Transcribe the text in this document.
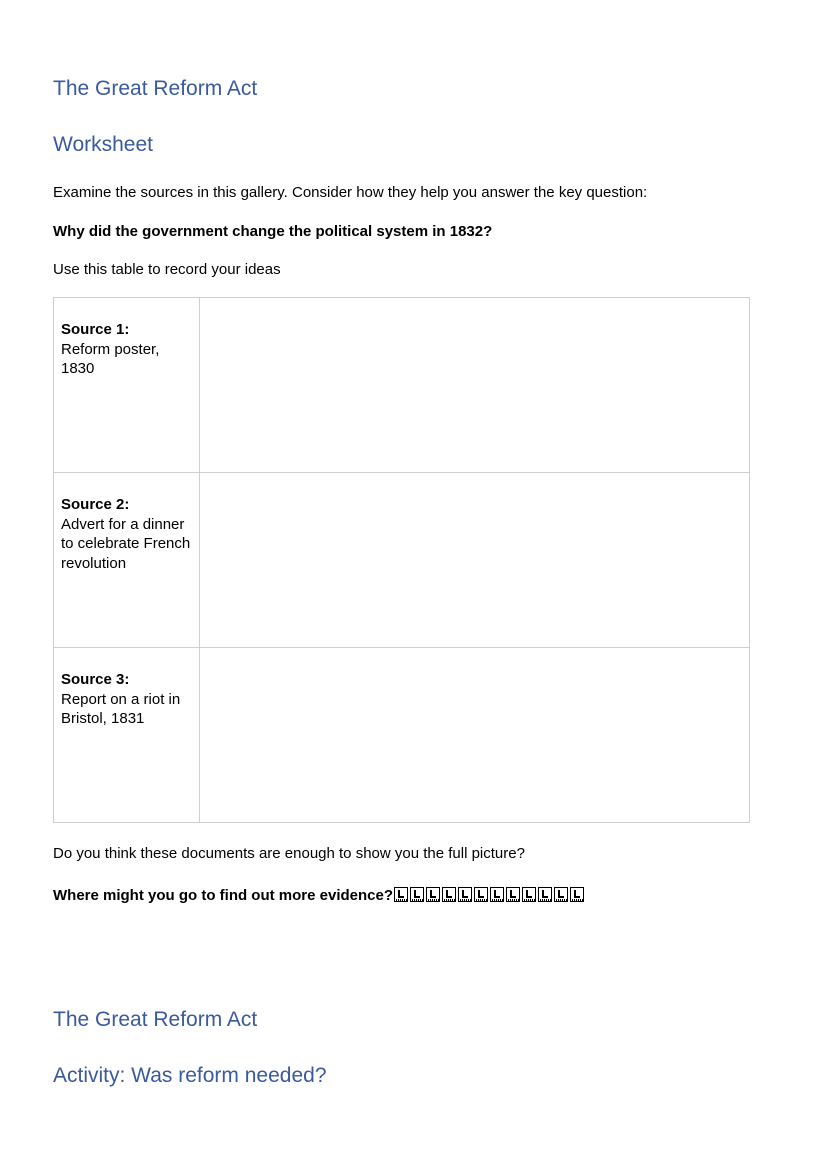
The Great Reform Act
Worksheet

Examine the sources in this gallery. Consider how they help you answer the key question:

Why did the government change the political system in 1832?

Use this table to record your ideas

Source 1:
Reform poster, 1830	

Source 2:
Advert for a dinner to celebrate French revolution	

Source 3:
Report on a riot in Bristol, 1831	

Do you think these documents are enough to show you the full picture?

Where might you go to find out more evidence?

The Great Reform Act
Activity: Was reform needed?
